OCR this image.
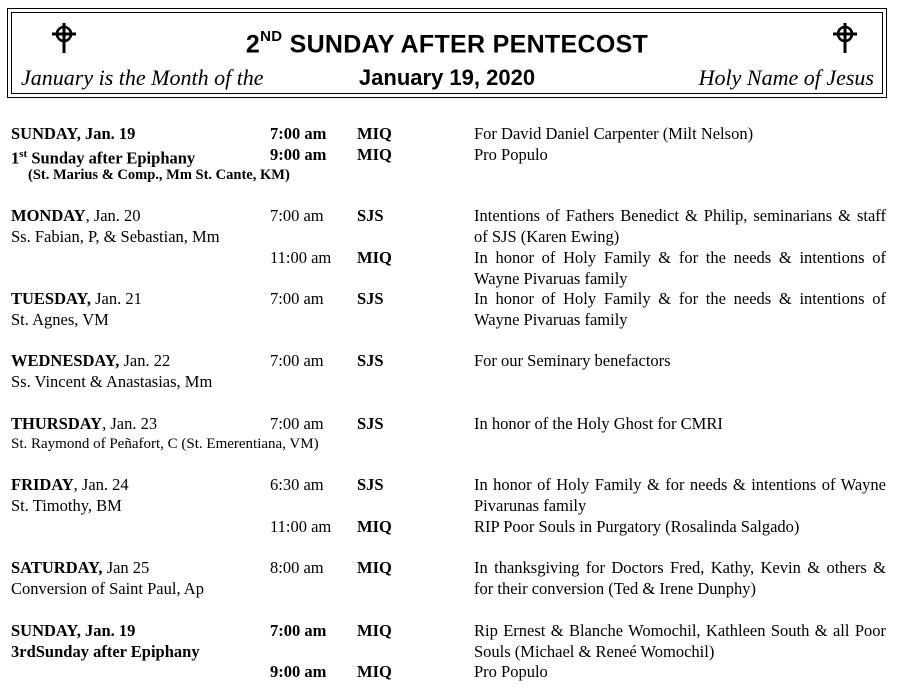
2ND SUNDAY AFTER PENTECOST
January is the Month of the	January 19, 2020	Holy Name of Jesus
SUNDAY, Jan. 19
1st Sunday after Epiphany
(St. Marius & Comp., Mm St. Cante, KM)
7:00 am MIQ	For David Daniel Carpenter (Milt Nelson)
9:00 am MIQ	Pro Populo
MONDAY, Jan. 20
Ss. Fabian, P, & Sebastian, Mm
7:00 am SJS	Intentions of Fathers Benedict & Philip, seminarians & staff of SJS (Karen Ewing)
11:00 am MIQ	In honor of Holy Family & for the needs & intentions of Wayne Pivaruas family
TUESDAY, Jan. 21
St. Agnes, VM
7:00 am SJS	In honor of Holy Family & for the needs & intentions of Wayne Pivaruas family
WEDNESDAY, Jan. 22
Ss. Vincent & Anastasias, Mm
7:00 am SJS	For our Seminary benefactors
THURSDAY, Jan. 23
St. Raymond of Peñafort, C (St. Emerentiana, VM)
7:00 am SJS	In honor of the Holy Ghost for CMRI
FRIDAY, Jan. 24
St. Timothy, BM
6:30 am SJS	In honor of Holy Family & for needs & intentions of Wayne Pivarunas family
11:00 am MIQ	RIP Poor Souls in Purgatory (Rosalinda Salgado)
SATURDAY, Jan 25
Conversion of Saint Paul, Ap
8:00 am MIQ	In thanksgiving for Doctors Fred, Kathy, Kevin & others & for their conversion (Ted & Irene Dunphy)
SUNDAY, Jan. 19
3rdSunday after Epiphany
7:00 am MIQ	Rip Ernest & Blanche Womochil, Kathleen South & all Poor Souls (Michael & Reneé Womochil)
9:00 am MIQ	Pro Populo
